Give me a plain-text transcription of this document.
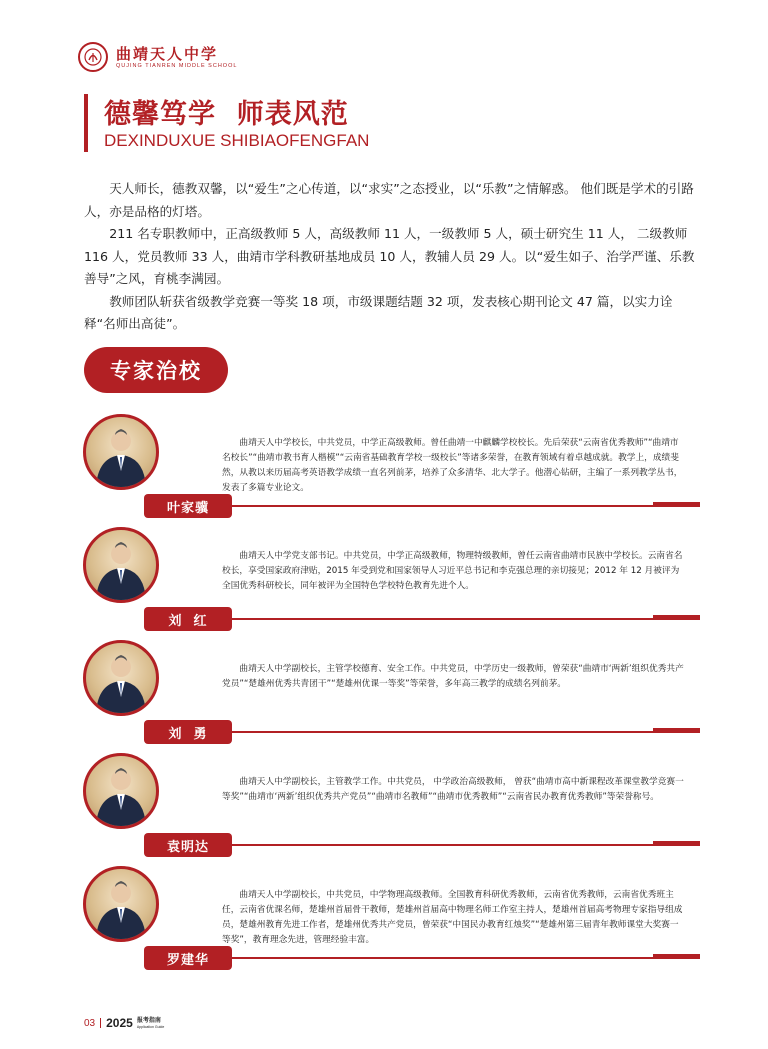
曲靖天人中学
QUJING TIANREN MIDDLE SCHOOL
德馨笃学  师表风范
DEXINDUXUE SHIBIAOFENGFAN

天人师长，德教双馨，以“爱生”之心传道，以“求实”之态授业，以“乐教”之情解惑。 他们既是学术的引路人，亦是品格的灯塔。

211 名专职教师中，正高级教师 5 人，高级教师 11 人，一级教师 5 人，硕士研究生 11 人， 二级教师 116 人，党员教师 33 人，曲靖市学科教研基地成员 10 人，教辅人员 29 人。以“爱生如子、治学严谨、乐教善导”之风，育桃李满园。

教师团队斩获省级教学竞赛一等奖 18 项，市级课题结题 32 项，发表核心期刊论文 47 篇，以实力诠释“名师出高徒”。

专家治校
叶家骥
曲靖天人中学校长，中共党员，中学正高级教师。曾任曲靖一中麒麟学校校长。先后荣获“云南省优秀教师”“曲靖市名校长”“曲靖市教书育人楷模”“云南省基础教育学校一级校长”等诸多荣誉，在教育领域有着卓越成就。教学上，成绩斐然，从教以来历届高考英语教学成绩一直名列前茅，培养了众多清华、北大学子。他潜心钻研，主编了一系列教学丛书，发表了多篇专业论文。
刘  红
曲靖天人中学党支部书记。中共党员，中学正高级教师，物理特级教师，曾任云南省曲靖市民族中学校长。云南省名校长，享受国家政府津贴，2015 年受到党和国家领导人习近平总书记和李克强总理的亲切接见；2012 年 12 月被评为全国优秀科研校长，同年被评为全国特色学校特色教育先进个人。
刘  勇
曲靖天人中学副校长，主管学校德育、安全工作。中共党员，中学历史一级教师，曾荣获“曲靖市‘两新’组织优秀共产党员”“楚雄州优秀共青团干”“楚雄州优课一等奖”等荣誉，多年高三教学的成绩名列前茅。
袁明达
曲靖天人中学副校长，主管教学工作。中共党员， 中学政治高级教师， 曾获“曲靖市高中新课程改革课堂教学竞赛一等奖”“曲靖市‘两新’组织优秀共产党员”“曲靖市名教师”“曲靖市优秀教师”“云南省民办教育优秀教师”等荣誉称号。
罗建华
曲靖天人中学副校长，中共党员，中学物理高级教师。全国教育科研优秀教师，云南省优秀教师，云南省优秀班主任，云南省优课名师，楚雄州首届骨干教师，楚雄州首届高中物理名师工作室主持人，楚雄州首届高考物理专家指导组成员，楚雄州教育先进工作者，楚雄州优秀共产党员，曾荣获“中国民办教育红烛奖”“楚雄州第三届青年教师课堂大奖赛一等奖”，教育理念先进，管理经验丰富。
03 2025 报考指南
Application Guide
